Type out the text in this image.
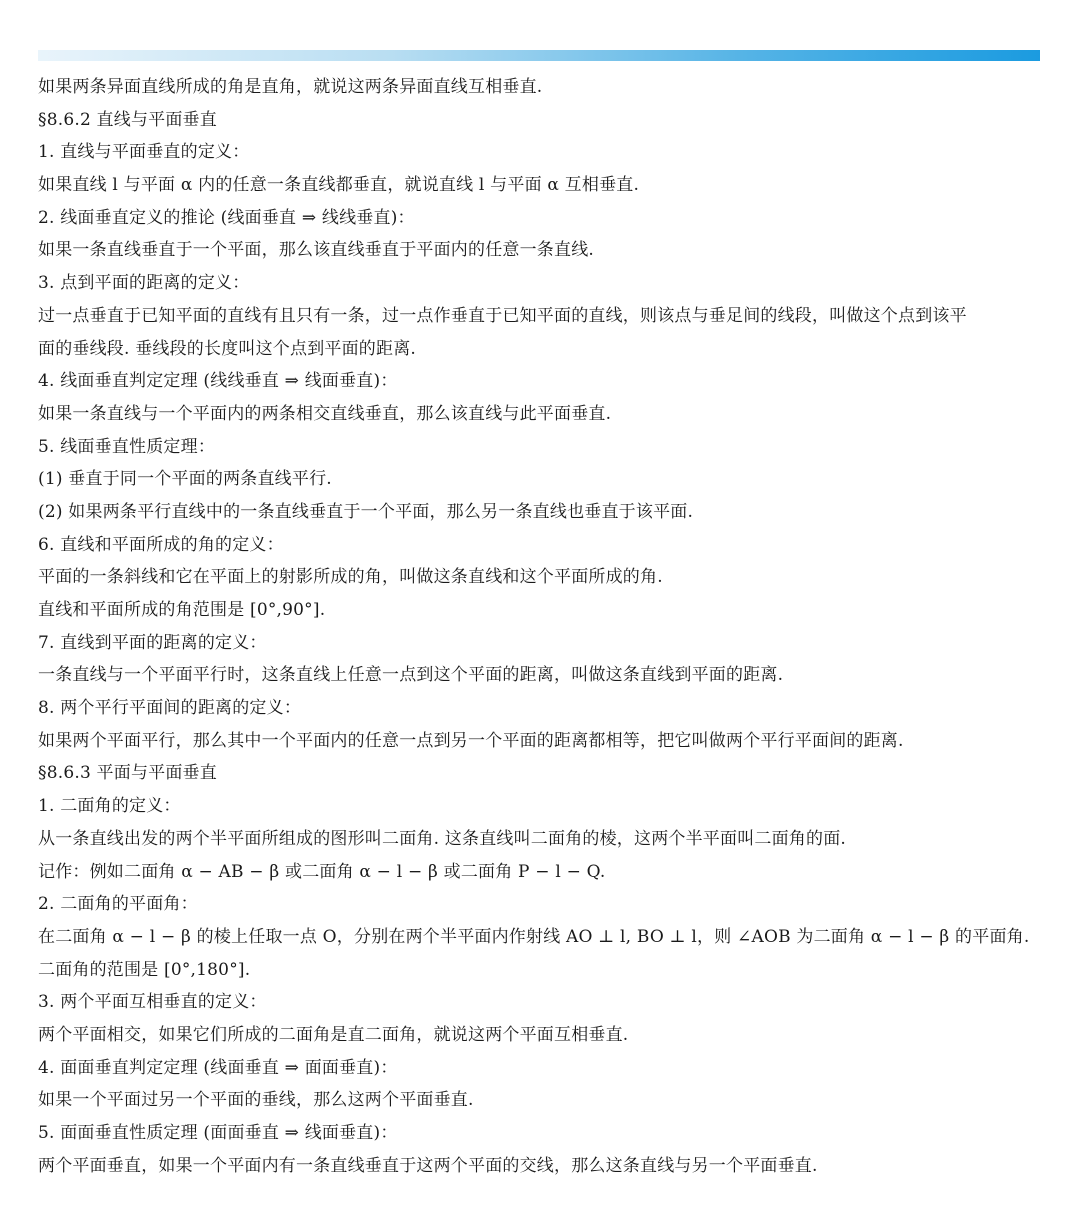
如果两条异面直线所成的角是直角，就说这两条异面直线互相垂直.
§8.6.2 直线与平面垂直
1. 直线与平面垂直的定义：
如果直线 l 与平面 α 内的任意一条直线都垂直，就说直线 l 与平面 α 互相垂直.
2. 线面垂直定义的推论 (线面垂直 ⇒ 线线垂直)：
如果一条直线垂直于一个平面，那么该直线垂直于平面内的任意一条直线.
3. 点到平面的距离的定义：
过一点垂直于已知平面的直线有且只有一条，过一点作垂直于已知平面的直线，则该点与垂足间的线段，叫做这个点到该平
面的垂线段. 垂线段的长度叫这个点到平面的距离.
4. 线面垂直判定定理 (线线垂直 ⇒ 线面垂直)：
如果一条直线与一个平面内的两条相交直线垂直，那么该直线与此平面垂直.
5. 线面垂直性质定理：
(1) 垂直于同一个平面的两条直线平行.
(2) 如果两条平行直线中的一条直线垂直于一个平面，那么另一条直线也垂直于该平面.
6. 直线和平面所成的角的定义：
平面的一条斜线和它在平面上的射影所成的角，叫做这条直线和这个平面所成的角.
直线和平面所成的角范围是 [0°,90°].
7. 直线到平面的距离的定义：
一条直线与一个平面平行时，这条直线上任意一点到这个平面的距离，叫做这条直线到平面的距离.
8. 两个平行平面间的距离的定义：
如果两个平面平行，那么其中一个平面内的任意一点到另一个平面的距离都相等，把它叫做两个平行平面间的距离.
§8.6.3 平面与平面垂直
1. 二面角的定义：
从一条直线出发的两个半平面所组成的图形叫二面角. 这条直线叫二面角的棱，这两个半平面叫二面角的面.
记作：例如二面角 α − AB − β 或二面角 α − l − β 或二面角 P − l − Q.
2. 二面角的平面角：
在二面角 α − l − β 的棱上任取一点 O，分别在两个半平面内作射线 AO ⊥ l, BO ⊥ l，则 ∠AOB 为二面角 α − l − β 的平面角.
二面角的范围是 [0°,180°].
3. 两个平面互相垂直的定义：
两个平面相交，如果它们所成的二面角是直二面角，就说这两个平面互相垂直.
4. 面面垂直判定定理 (线面垂直 ⇒ 面面垂直)：
如果一个平面过另一个平面的垂线，那么这两个平面垂直.
5. 面面垂直性质定理 (面面垂直 ⇒ 线面垂直)：
两个平面垂直，如果一个平面内有一条直线垂直于这两个平面的交线，那么这条直线与另一个平面垂直.
